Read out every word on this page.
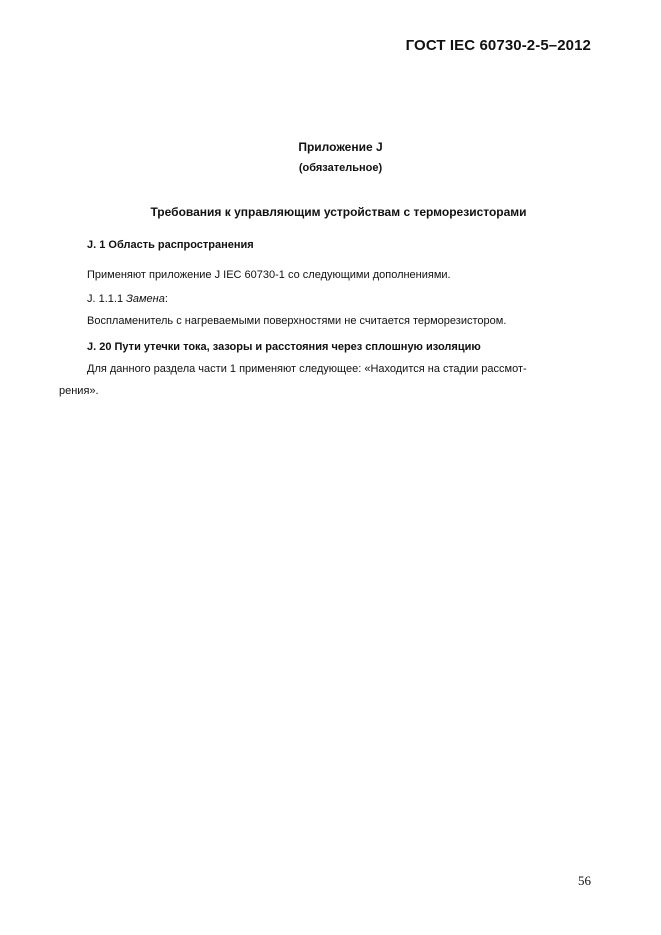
ГОСТ IEC 60730-2-5–2012
Приложение J
(обязательное)
Требования к управляющим устройствам с терморезисторами
J. 1 Область распространения
Применяют приложение J IEC 60730-1 со следующими дополнениями.
J. 1.1.1 Замена:
Воспламенитель с нагреваемыми поверхностями не считается терморезистором.
J. 20 Пути утечки тока, зазоры и расстояния через сплошную изоляцию
Для данного раздела части 1 применяют следующее: «Находится на стадии рассмот-
рения».
56
